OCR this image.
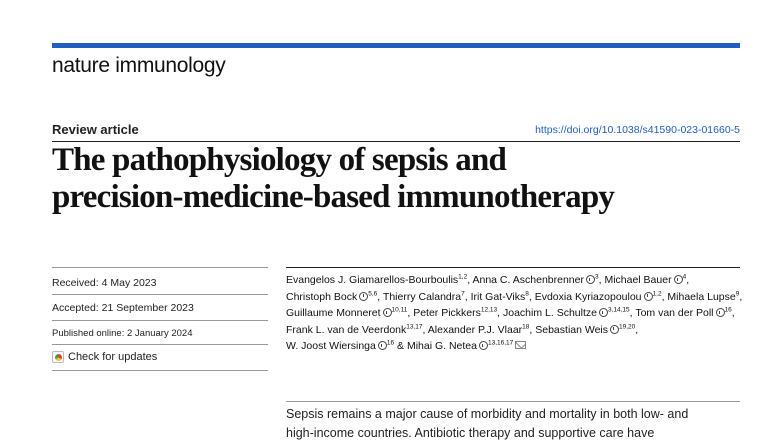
nature immunology
Review article	https://doi.org/10.1038/s41590-023-01660-5
The pathophysiology of sepsis and
precision-medicine-based immunotherapy
Received: 4 May 2023
Accepted: 21 September 2023
Published online: 2 January 2024
Check for updates
Evangelos J. Giamarellos-Bourboulis$^{1,2}$, Anna C. Aschenbrenner $^3$, Michael Bauer $^4$, Christoph Bock $^{5,6}$, Thierry Calandra$^7$, Irit Gat-Viks$^8$, Evdoxia Kyriazopoulou $^{1,2}$, Mihaela Lupse$^9$, Guillaume Monneret $^{10,11}$, Peter Pickkers$^{12,13}$, Joachim L. Schultze $^{3,14,15}$, Tom van der Poll $^{16}$, Frank L. van de Veerdonk$^{13,17}$, Alexander P.J. Vlaar$^{18}$, Sebastian Weis $^{19,20}$, W. Joost Wiersinga $^{16}$ & Mihai G. Netea $^{13,16,17}$
Sepsis remains a major cause of morbidity and mortality in both low- and
high-income countries. Antibiotic therapy and supportive care have
